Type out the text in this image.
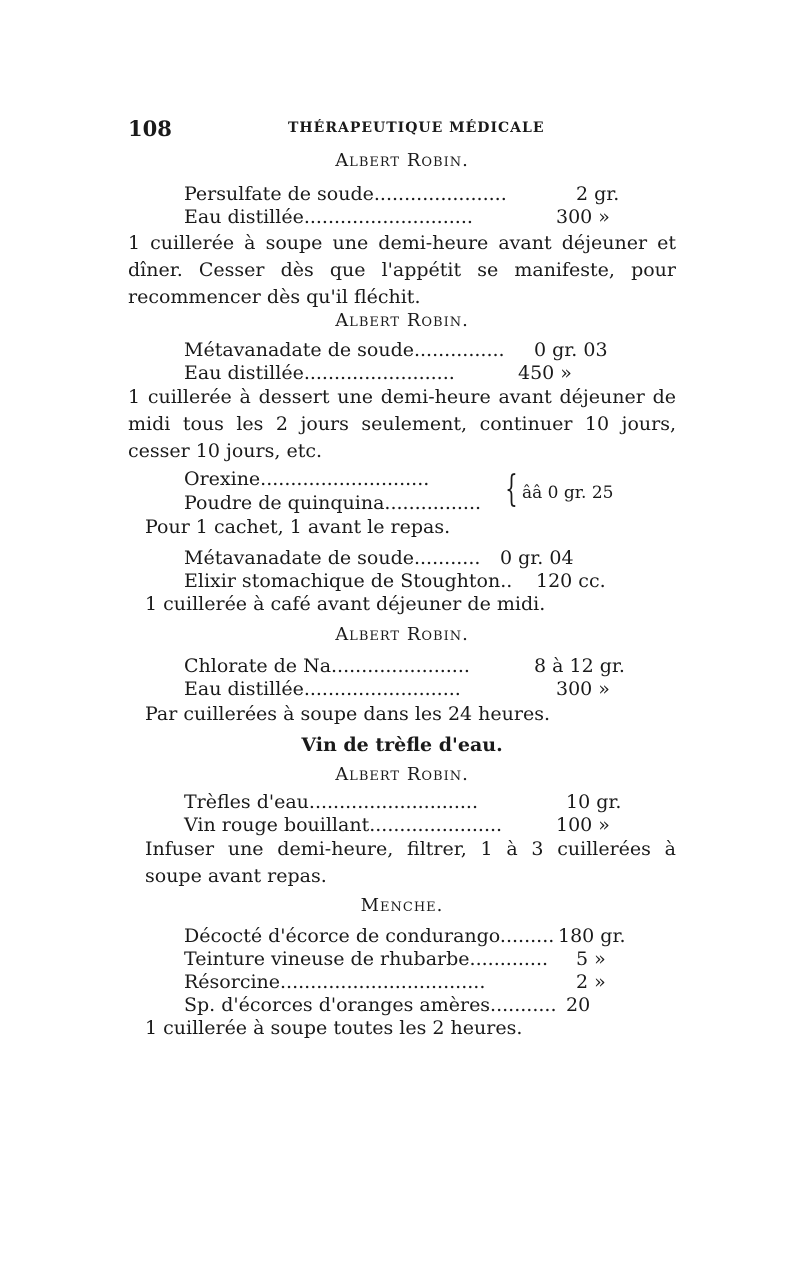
108	THÉRAPEUTIQUE MÉDICALE
Albert Robin.
Persulfate de soude......................	2 gr.
Eau distillée............................	300 »
1 cuillerée à soupe une demi-heure avant déjeuner et dîner. Cesser dès que l'appétit se manifeste, pour recommencer dès qu'il fléchit.
Albert Robin.
Métavanadate de soude............... 0 gr. 03
Eau distillée.........................	450 »
1 cuillerée à dessert une demi-heure avant déjeuner de midi tous les 2 jours seulement, continuer 10 jours, cesser 10 jours, etc.
Orexine............................
Poudre de quinquina................ { ââ 0 gr. 25
Pour 1 cachet, 1 avant le repas.
Métavanadate de soude........... 0 gr. 04
Elixir stomachique de Stoughton.. 120 cc.
1 cuillerée à café avant déjeuner de midi.
Albert Robin.
Chlorate de Na.......................	8 à 12 gr.
Eau distillée..........................	300 »
Par cuillerées à soupe dans les 24 heures.
Vin de trèfle d'eau.
Albert Robin.
Trèfles d'eau............................	10 gr.
Vin rouge bouillant......................	100 »
Infuser une demi-heure, filtrer, 1 à 3 cuillerées à soupe avant repas.
Menche.
Décocté d'écorce de condurango......... 180 gr.
Teinture vineuse de rhubarbe............. 5 »
Résorcine..................................	2 »
Sp. d'écorces d'oranges amères........... 20
1 cuillerée à soupe toutes les 2 heures.
